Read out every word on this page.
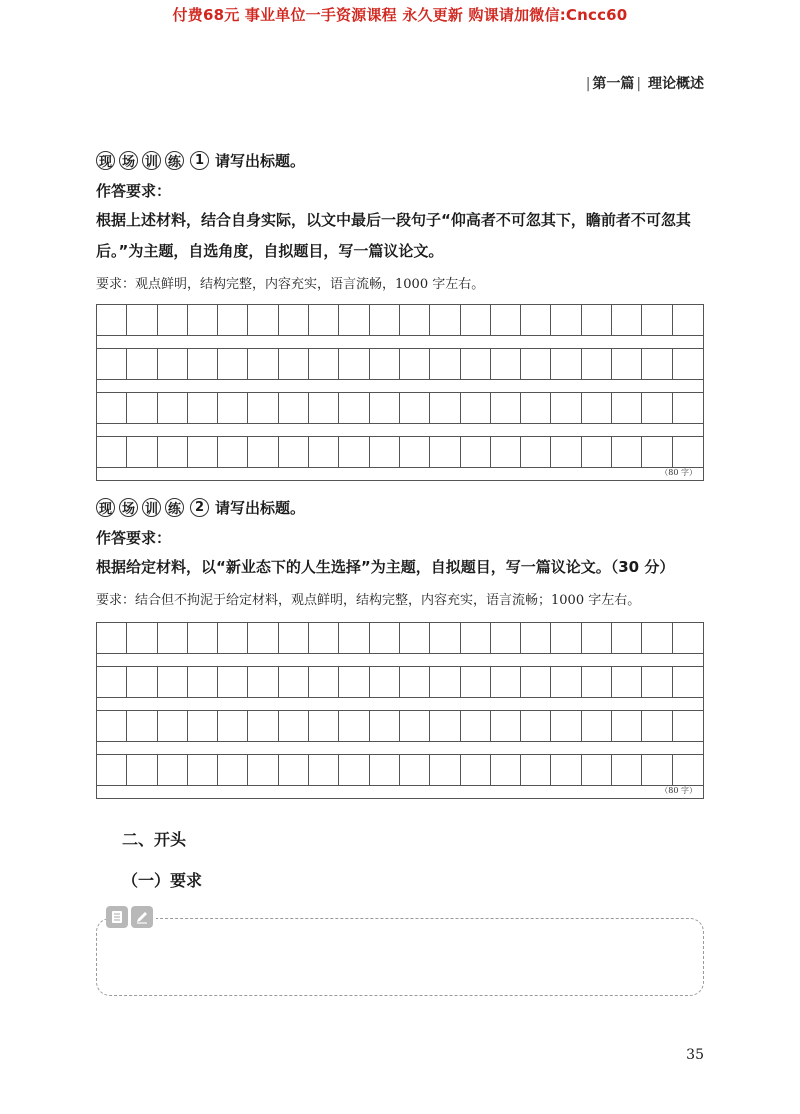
付费68元 事业单位一手资源课程 永久更新 购课请加微信:Cncc60
| 第一篇 | 理论概述
现 场 训 练	1 请写出标题。
作答要求：
根据上述材料，结合自身实际，以文中最后一段句子“仰高者不可忽其下，瞻前者不可忽其后。”为主题，自选角度，自拟题目，写一篇议论文。
要求：观点鲜明，结构完整，内容充实，语言流畅，1000 字左右。
（80 字）
现 场 训 练	2 请写出标题。
作答要求：
根据给定材料，以“新业态下的人生选择”为主题，自拟题目，写一篇议论文。（30 分）
要求：结合但不拘泥于给定材料，观点鲜明，结构完整，内容充实，语言流畅；1000 字左右。
（80 字）
二、开头
（一）要求
35
